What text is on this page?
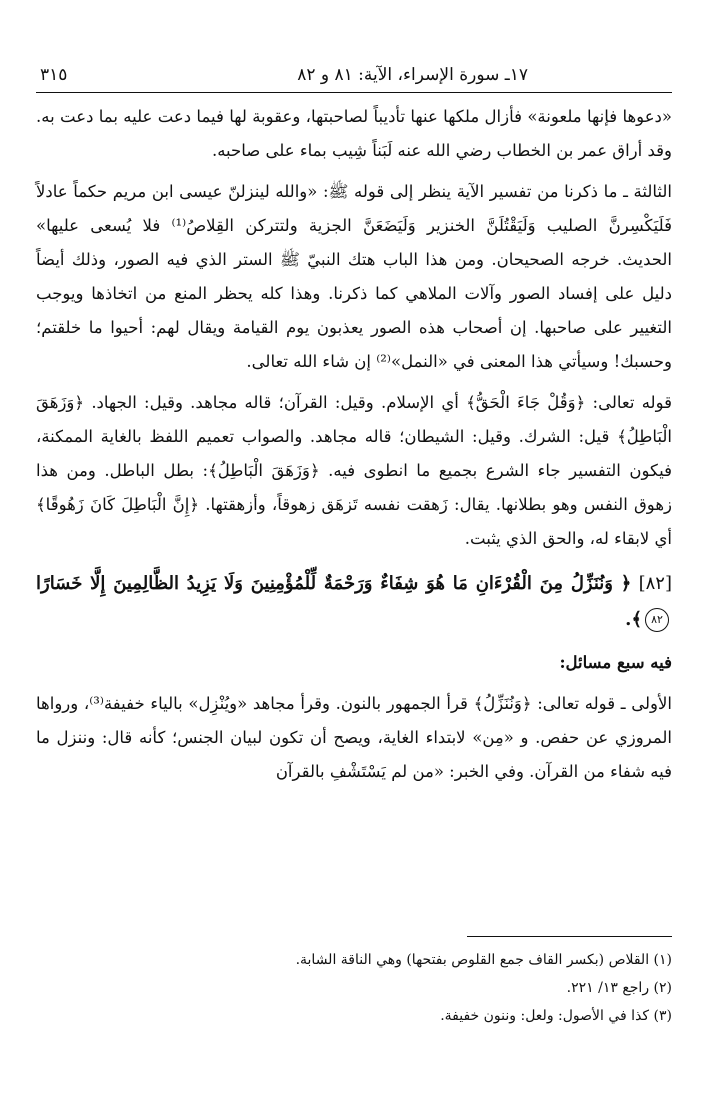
١٧ـ سورة الإسراء، الآية: ٨١ و ٨٢
٣١٥

«دعوها فإنها ملعونة» فأزال ملكها عنها تأديباً لصاحبتها، وعقوبة لها فيما دعت عليه بما دعت به. وقد أراق عمر بن الخطاب رضي الله عنه لَبَناً شِيب بماء على صاحبه.

الثالثة ـ ما ذكرنا من تفسير الآية ينظر إلى قوله ﷺ: «والله لينزلنّ عيسى ابن مريم حكماً عادلاً فَلَيَكْسِرنَّ الصليب وَلَيَقْتُلَنَّ الخنزير وَلَيَضَعَنَّ الجزية ولتتركن القِلاصُ⁽¹⁾ فلا يُسعى عليها» الحديث. خرجه الصحيحان. ومن هذا الباب هتك النبيّ ﷺ الستر الذي فيه الصور، وذلك أيضاً دليل على إفساد الصور وآلات الملاهي كما ذكرنا. وهذا كله يحظر المنع من اتخاذها ويوجب التغيير على صاحبها. إن أصحاب هذه الصور يعذبون يوم القيامة ويقال لهم: أحيوا ما خلقتم؛ وحسبك! وسيأتي هذا المعنى في «النمل»⁽²⁾ إن شاء الله تعالى.

قوله تعالى: ﴿وَقُلْ جَاءَ الْحَقُّ﴾ أي الإسلام. وقيل: القرآن؛ قاله مجاهد. وقيل: الجهاد. ﴿وَزَهَقَ الْبَاطِلُ﴾ قيل: الشرك. وقيل: الشيطان؛ قاله مجاهد. والصواب تعميم اللفظ بالغاية الممكنة، فيكون التفسير جاء الشرع بجميع ما انطوى فيه. ﴿وَزَهَقَ الْبَاطِلُ﴾: بطل الباطل. ومن هذا زهوق النفس وهو بطلانها. يقال: زَهقت نفسه تَزهَق زهوقاً، وأزهقتها. ﴿إِنَّ الْبَاطِلَ كَانَ زَهُوقًا﴾ أي لابقاء له، والحق الذي يثبت.

[٨٢] ﴿ وَنُنَزِّلُ مِنَ الْقُرْءَانِ مَا هُوَ شِفَاءٌ وَرَحْمَةٌ لِّلْمُؤْمِنِينَ وَلَا يَزِيدُ الظَّالِمِينَ إِلَّا خَسَارًا ٨٢﴾.

فيه سبع مسائل:

الأولى ـ قوله تعالى: ﴿وَنُنَزِّلُ﴾ قرأ الجمهور بالنون. وقرأ مجاهد «ويُنْزِل» بالياء خفيفة⁽³⁾، ورواها المروزي عن حفص. و «مِن» لابتداء الغاية، ويصح أن تكون لبيان الجنس؛ كأنه قال: وننزل ما فيه شفاء من القرآن. وفي الخبر: «من لم يَسْتَشْفِ بالقرآن

(١) القلاص (بكسر القاف جمع القلوص بفتحها) وهي الناقة الشابة.
(٢) راجع ١٣/ ٢٢١.
(٣) كذا في الأصول: ولعل: وننون خفيفة.
